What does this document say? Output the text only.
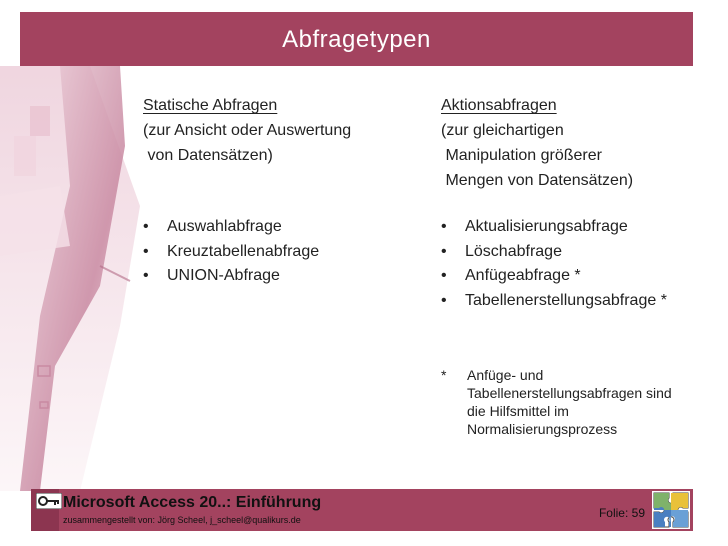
Abfragetypen
Statische Abfragen
(zur Ansicht oder Auswertung
von Datensätzen)
• Auswahlabfrage
• Kreuztabellenabfrage
• UNION-Abfrage
Aktionsabfragen
(zur gleichartigen
Manipulation größerer
Mengen von Datensätzen)
• Aktualisierungsabfrage
• Löschabfrage
• Anfügeabfrage *
• Tabellenerstellungsabfrage *
* Anfüge- und
Tabellenerstellungsabfragen sind
die Hilfsmittel im
Normalisierungsprozess
Microsoft Access 20..: Einführung
zusammengestellt von: Jörg Scheel, j_scheel@qualikurs.de	Folie: 59
